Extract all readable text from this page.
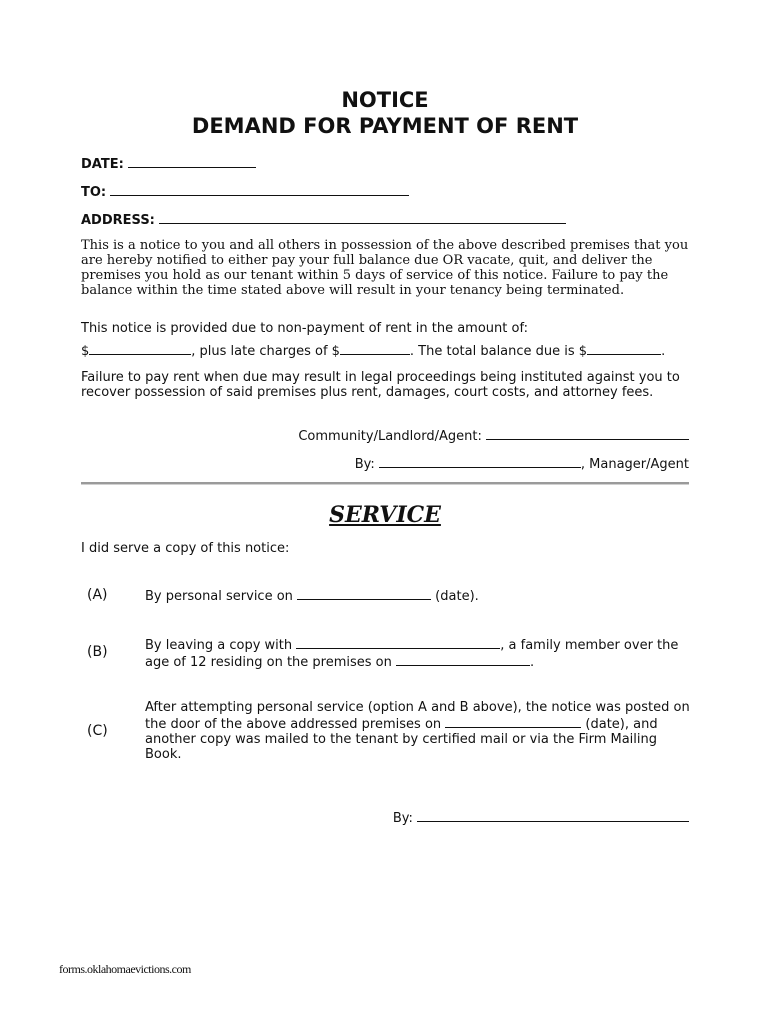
NOTICE
DEMAND FOR PAYMENT OF RENT
DATE:
TO:
ADDRESS:
This is a notice to you and all others in possession of the above described premises that you are hereby notified to either pay your full balance due OR vacate, quit, and deliver the premises you hold as our tenant within 5 days of service of this notice. Failure to pay the balance within the time stated above will result in your tenancy being terminated.
This notice is provided due to non-payment of rent in the amount of:
$	, plus late charges of $	. The total balance due is $	.
Failure to pay rent when due may result in legal proceedings being instituted against you to recover possession of said premises plus rent, damages, court costs, and attorney fees.
Community/Landlord/Agent:
By:	, Manager/Agent
SERVICE
I did serve a copy of this notice:
(A)	By personal service on	(date).
(B)	By leaving a copy with	, a family member over the age of 12 residing on the premises on	.
(C)
After attempting personal service (option A and B above), the notice was posted on the door of the above addressed premises on	(date), and another copy was mailed to the tenant by certified mail or via the Firm Mailing Book.
By:
forms.oklahomaevictions.com
